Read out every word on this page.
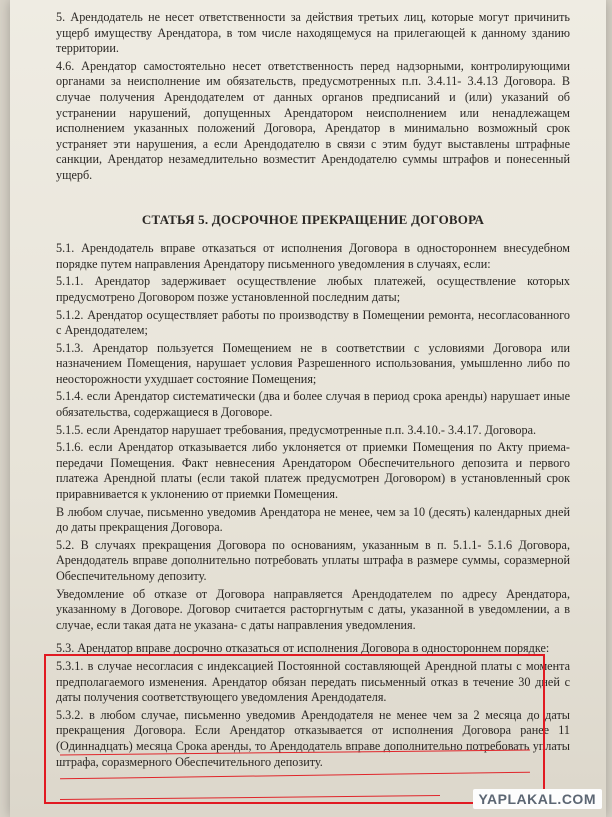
5. Арендодатель не несет ответственности за действия третьих лиц, которые могут причинить ущерб имуществу Арендатора, в том числе находящемуся на прилегающей к данному зданию территории.

4.6. Арендатор самостоятельно несет ответственность перед надзорными, контролирующими органами за неисполнение им обязательств, предусмотренных п.п. 3.4.11- 3.4.13 Договора. В случае получения Арендодателем от данных органов предписаний и (или) указаний об устранении нарушений, допущенных Арендатором неисполнением или ненадлежащем исполнением указанных положений Договора, Арендатор в минимально возможный срок устраняет эти нарушения, а если Арендодателю в связи с этим будут выставлены штрафные санкции, Арендатор незамедлительно возместит Арендодателю суммы штрафов и понесенный ущерб.

СТАТЬЯ 5. ДОСРОЧНОЕ ПРЕКРАЩЕНИЕ ДОГОВОРА

5.1. Арендодатель вправе отказаться от исполнения Договора в одностороннем внесудебном порядке путем направления Арендатору письменного уведомления в случаях, если:

5.1.1. Арендатор задерживает осуществление любых платежей, осуществление которых предусмотрено Договором позже установленной последним даты;

5.1.2. Арендатор осуществляет работы по производству в Помещении ремонта, несогласованного с Арендодателем;

5.1.3. Арендатор пользуется Помещением не в соответствии с условиями Договора или назначением Помещения, нарушает условия Разрешенного использования, умышленно либо по неосторожности ухудшает состояние Помещения;

5.1.4. если Арендатор систематически (два и более случая в период срока аренды) нарушает иные обязательства, содержащиеся в Договоре.

5.1.5. если Арендатор нарушает требования, предусмотренные п.п. 3.4.10.- 3.4.17. Договора.

5.1.6. если Арендатор отказывается либо уклоняется от приемки Помещения по Акту приема-передачи Помещения. Факт невнесения Арендатором Обеспечительного депозита и первого платежа Арендной платы (если такой платеж предусмотрен Договором) в установленный срок приравнивается к уклонению от приемки Помещения.

В любом случае, письменно уведомив Арендатора не менее, чем за 10 (десять) календарных дней до даты прекращения Договора.

5.2. В случаях прекращения Договора по основаниям, указанным в п. 5.1.1- 5.1.6 Договора, Арендодатель вправе дополнительно потребовать уплаты штрафа в размере суммы, соразмерной Обеспечительному депозиту.

Уведомление об отказе от Договора направляется Арендодателем по адресу Арендатора, указанному в Договоре. Договор считается расторгнутым с даты, указанной в уведомлении, а в случае, если такая дата не указана- с даты направления уведомления.

5.3. Арендатор вправе досрочно отказаться от исполнения Договора в одностороннем порядке:

5.3.1. в случае несогласия с индексацией Постоянной составляющей Арендной платы с момента предполагаемого изменения. Арендатор обязан передать письменный отказ в течение 30 дней с даты получения соответствующего уведомления Арендодателя.

5.3.2. в любом случае, письменно уведомив Арендодателя не менее чем за 2 месяца до даты прекращения Договора. Если Арендатор отказывается от исполнения Договора ранее 11 (Одиннадцать) месяца Срока аренды, то Арендодатель вправе дополнительно потребовать уплаты штрафа, соразмерного Обеспечительного депозиту.

YAPLAKAL.COM
